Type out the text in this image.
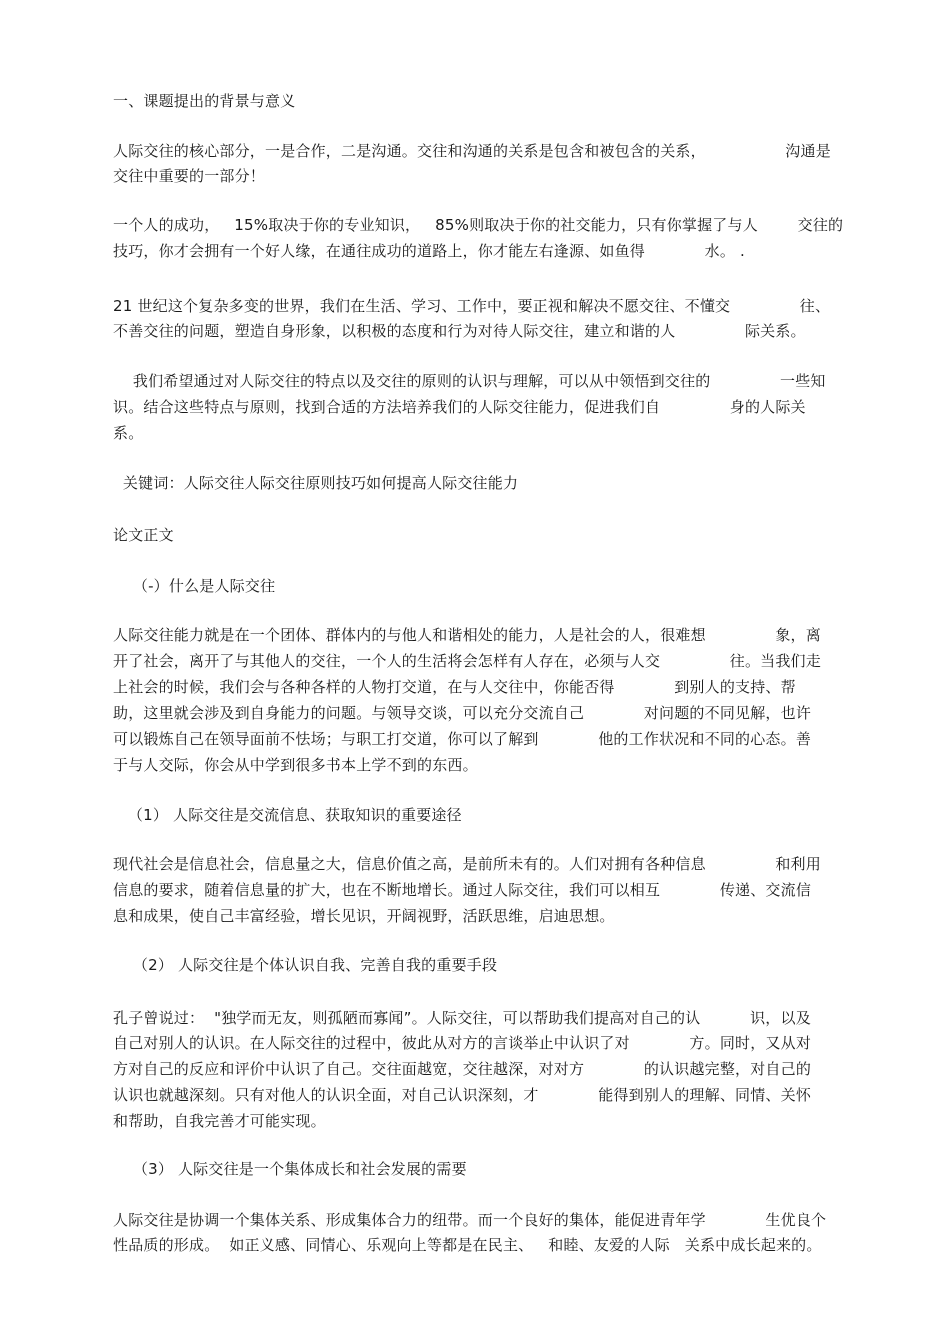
一、课题提出的背景与意义
人际交往的核心部分，一是合作，二是沟通。交往和沟通的关系是包含和被包含的关系，                沟通是
交往中重要的一部分！
一个人的成功，   15%取决于你的专业知识，   85%则取决于你的社交能力，只有你掌握了与人        交往的
技巧，你才会拥有一个好人缘，在通往成功的道路上，你才能左右逢源、如鱼得            水。 .
21 世纪这个复杂多变的世界，我们在生活、学习、工作中，要正视和解决不愿交往、不懂交              往、
不善交往的问题，塑造自身形象，以积极的态度和行为对待人际交往，建立和谐的人              际关系。
我们希望通过对人际交往的特点以及交往的原则的认识与理解，可以从中领悟到交往的              一些知
识。结合这些特点与原则，找到合适的方法培养我们的人际交往能力，促进我们自              身的人际关
系。
关键词：人际交往人际交往原则技巧如何提高人际交往能力
论文正文
（-）什么是人际交往
人际交往能力就是在一个团体、群体内的与他人和谐相处的能力，人是社会的人，很难想              象，离
开了社会，离开了与其他人的交往，一个人的生活将会怎样有人存在，必须与人交              往。当我们走
上社会的时候，我们会与各种各样的人物打交道，在与人交往中，你能否得            到别人的支持、帮
助，这里就会涉及到自身能力的问题。与领导交谈，可以充分交流自己            对问题的不同见解，也许
可以锻炼自己在领导面前不怯场；与职工打交道，你可以了解到            他的工作状况和不同的心态。善
于与人交际，你会从中学到很多书本上学不到的东西。
（1） 人际交往是交流信息、获取知识的重要途径
现代社会是信息社会，信息量之大，信息价值之高，是前所未有的。人们对拥有各种信息              和利用
信息的要求，随着信息量的扩大，也在不断地增长。通过人际交往，我们可以相互            传递、交流信
息和成果，使自己丰富经验，增长见识，开阔视野，活跃思维，启迪思想。
（2） 人际交往是个体认识自我、完善自我的重要手段
孔子曾说过：  "独学而无友，则孤陋而寡闻”。人际交往，可以帮助我们提高对自己的认          识，以及
自己对别人的认识。在人际交往的过程中，彼此从对方的言谈举止中认识了对            方。同时，又从对
方对自己的反应和评价中认识了自己。交往面越宽，交往越深，对对方            的认识越完整，对自己的
认识也就越深刻。只有对他人的认识全面，对自己认识深刻，才            能得到别人的理解、同情、关怀
和帮助，自我完善才可能实现。
（3） 人际交往是一个集体成长和社会发展的需要
人际交往是协调一个集体关系、形成集体合力的纽带。而一个良好的集体，能促进青年学            生优良个
性品质的形成。  如正义感、同情心、乐观向上等都是在民主、   和睦、友爱的人际   关系中成长起来的。
